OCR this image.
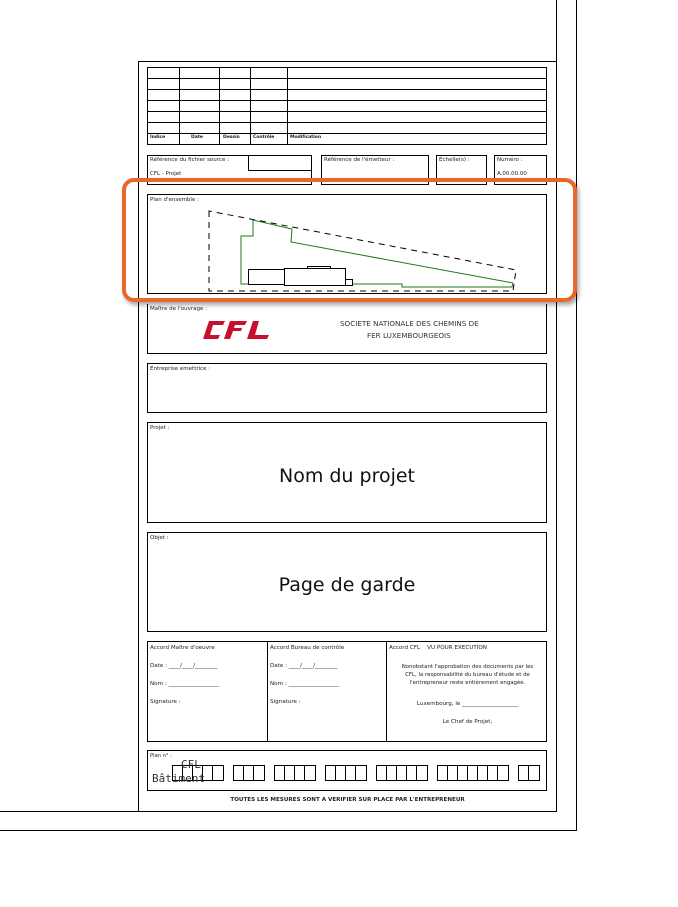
Indice	Date	Dessin	Contrôle	Modification
Référence du fichier source :
CFL - Projet
Référence de l'émetteur :	Echelle(s) :	Numéro :
A.00.00.00
Plan d'ensemble :
Maître de l'ouvrage :
SOCIETE NATIONALE DES CHEMINS DE
FER LUXEMBOURGEOIS
Entreprise emettrice :
Projet :
Nom du projet
Objet :
Page de garde
Accord Maître d'oeuvre
Date : ____/____/________
Nom : __________________
Signature :
Accord Bureau de contrôle
Date : ____/____/________
Nom : __________________
Signature :
Accord CFL    VU POUR EXECUTION
Nonobstant l'approbation des documents par les
CFL, la responsabilité du bureau d'étude et de
l'entrepreneur reste entièrement engagée.
Luxembourg, le ____________________
Le Chef de Projet,
Plan n° :
CFL
Bâtiment
TOUTES LES MESURES SONT A VERIFIER SUR PLACE PAR L'ENTREPRENEUR
